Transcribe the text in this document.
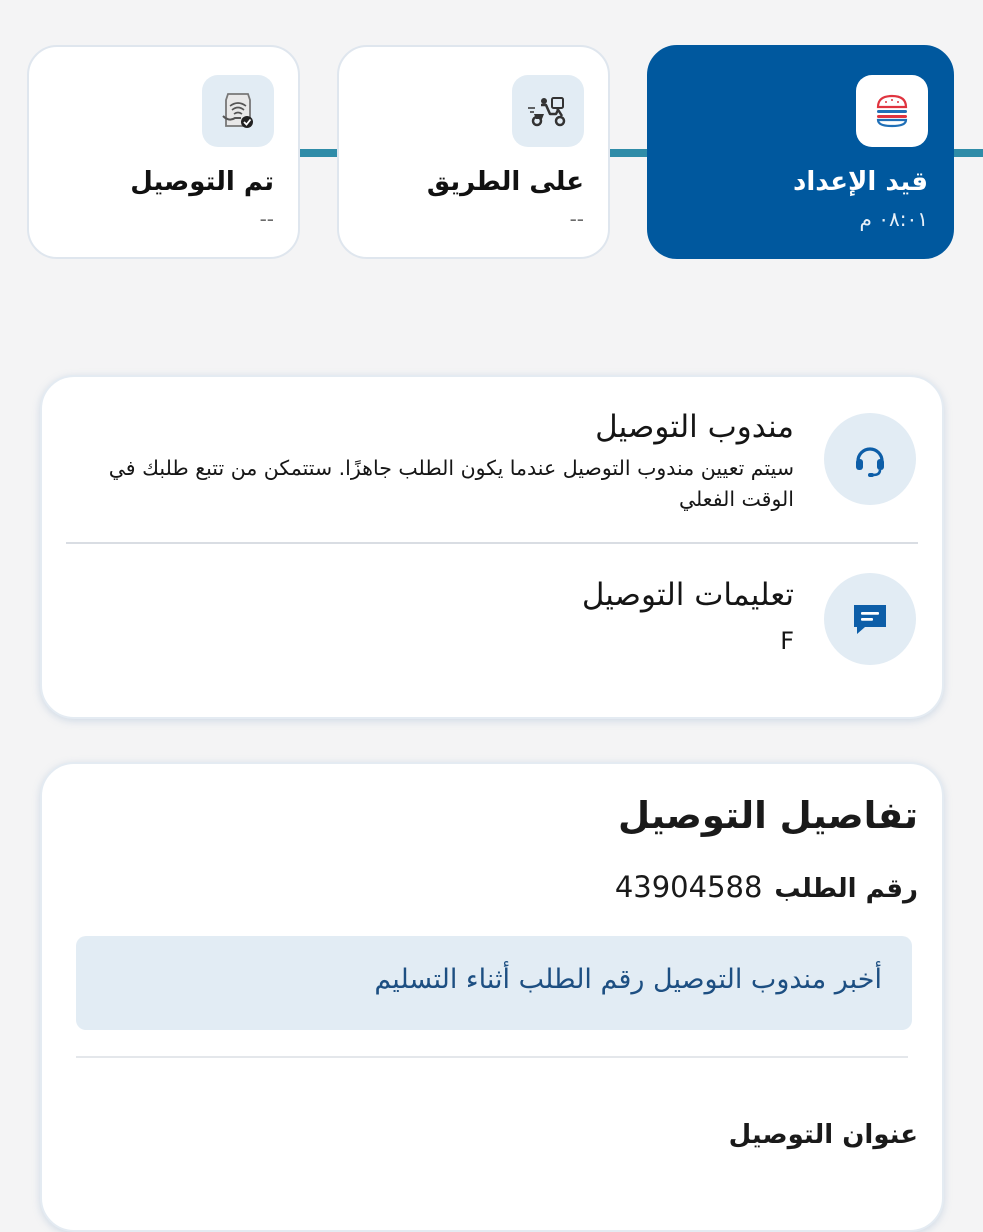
قيد الإعداد
٠٨:٠١ م
على الطريق
--
تم التوصيل
--
مندوب التوصيل
سيتم تعيين مندوب التوصيل عندما يكون الطلب جاهزًا. ستتمكن من تتبع طلبك في الوقت الفعلي
تعليمات التوصيل
F
تفاصيل التوصيل
رقم الطلب43904588
أخبر مندوب التوصيل رقم الطلب أثناء التسليم
عنوان التوصيل
